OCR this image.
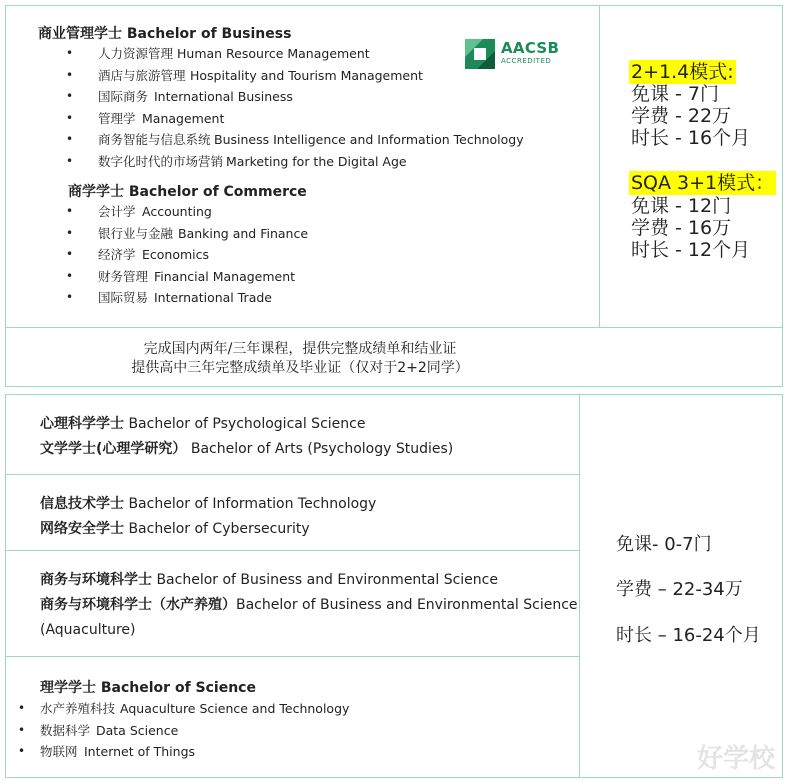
商业管理学士 Bachelor of Business
• 人力资源管理 Human Resource Management
• 酒店与旅游管理 Hospitality and Tourism Management
• 国际商务 International Business
• 管理学 Management
• 商务智能与信息系统 Business Intelligence and Information Technology
• 数字化时代的市场营销 Marketing for the Digital Age
商学学士 Bachelor of Commerce
• 会计学 Accounting
• 银行业与金融 Banking and Finance
• 经济学 Economics
• 财务管理 Financial Management
• 国际贸易 International Trade
AACSB
ACCREDITED	2+1.4模式:
免课 - 7门
学费 - 22万
时长 - 16个月
SQA 3+1模式：
免课 - 12门
学费 - 16万
时长 - 12个月
完成国内两年/三年课程，提供完整成绩单和结业证
提供高中三年完整成绩单及毕业证（仅对于2+2同学）
心理科学学士 Bachelor of Psychological Science
文学学士(心理学研究） Bachelor of Arts (Psychology Studies)
信息技术学士 Bachelor of Information Technology
网络安全学士 Bachelor of Cybersecurity
商务与环境科学士 Bachelor of Business and Environmental Science
商务与环境科学士（水产养殖）Bachelor of Business and Environmental Science
(Aquaculture)
理学学士 Bachelor of Science
• 水产养殖科技 Aquaculture Science and Technology
• 数据科学 Data Science
• 物联网 Internet of Things
免课- 0-7门
学费 – 22-34万
时长 – 16-24个月
好学校
